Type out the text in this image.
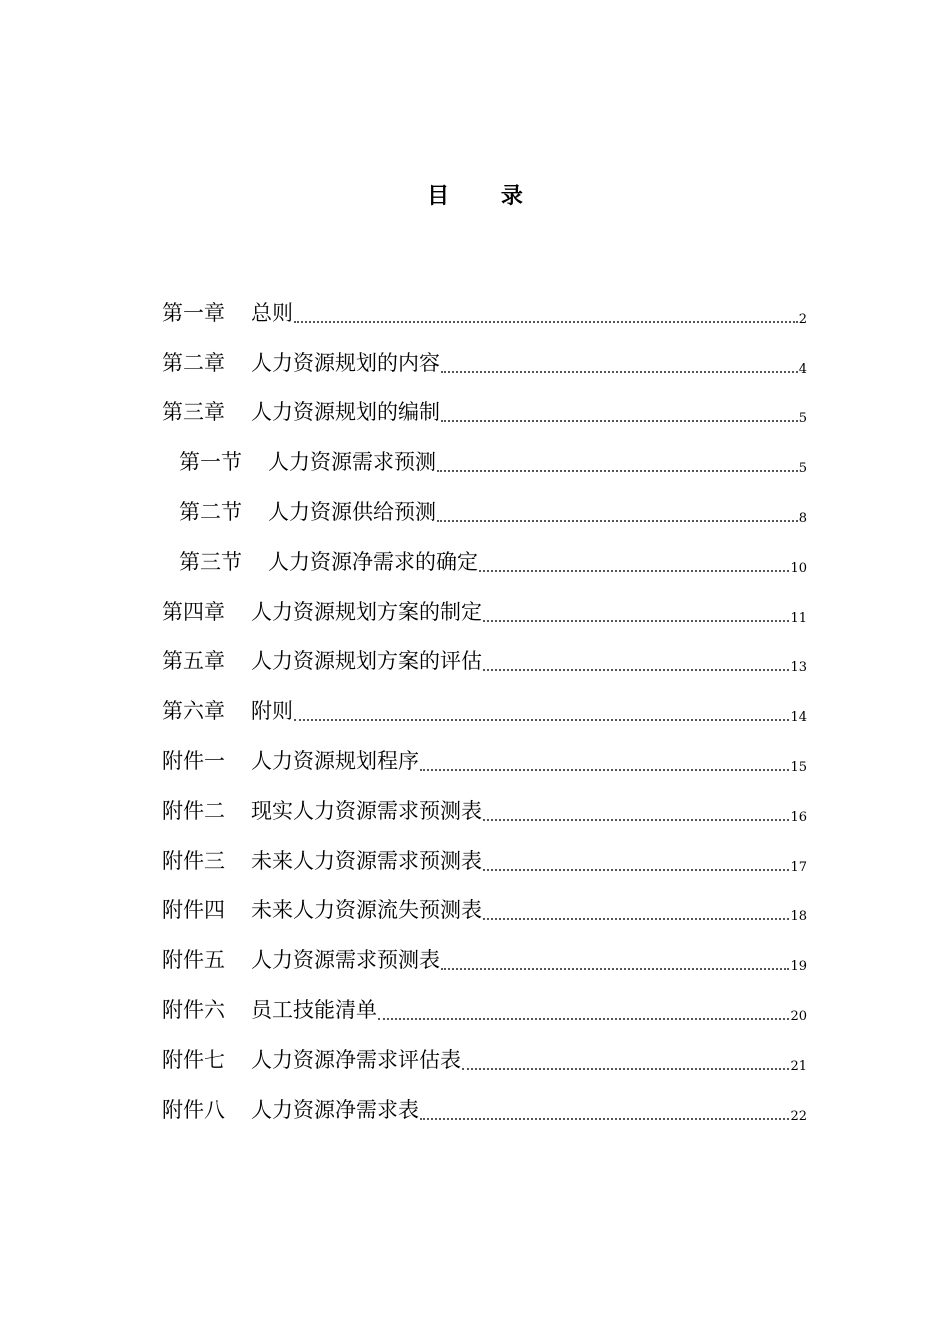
目 录
第一章 总则	2
第二章 人力资源规划的内容	4
第三章 人力资源规划的编制	5
第一节 人力资源需求预测	5
第二节 人力资源供给预测	8
第三节 人力资源净需求的确定	10
第四章 人力资源规划方案的制定	11
第五章 人力资源规划方案的评估	13
第六章 附则	14
附件一 人力资源规划程序	15
附件二 现实人力资源需求预测表	16
附件三 未来人力资源需求预测表	17
附件四 未来人力资源流失预测表	18
附件五 人力资源需求预测表	19
附件六 员工技能清单	20
附件七 人力资源净需求评估表	21
附件八 人力资源净需求表	22
